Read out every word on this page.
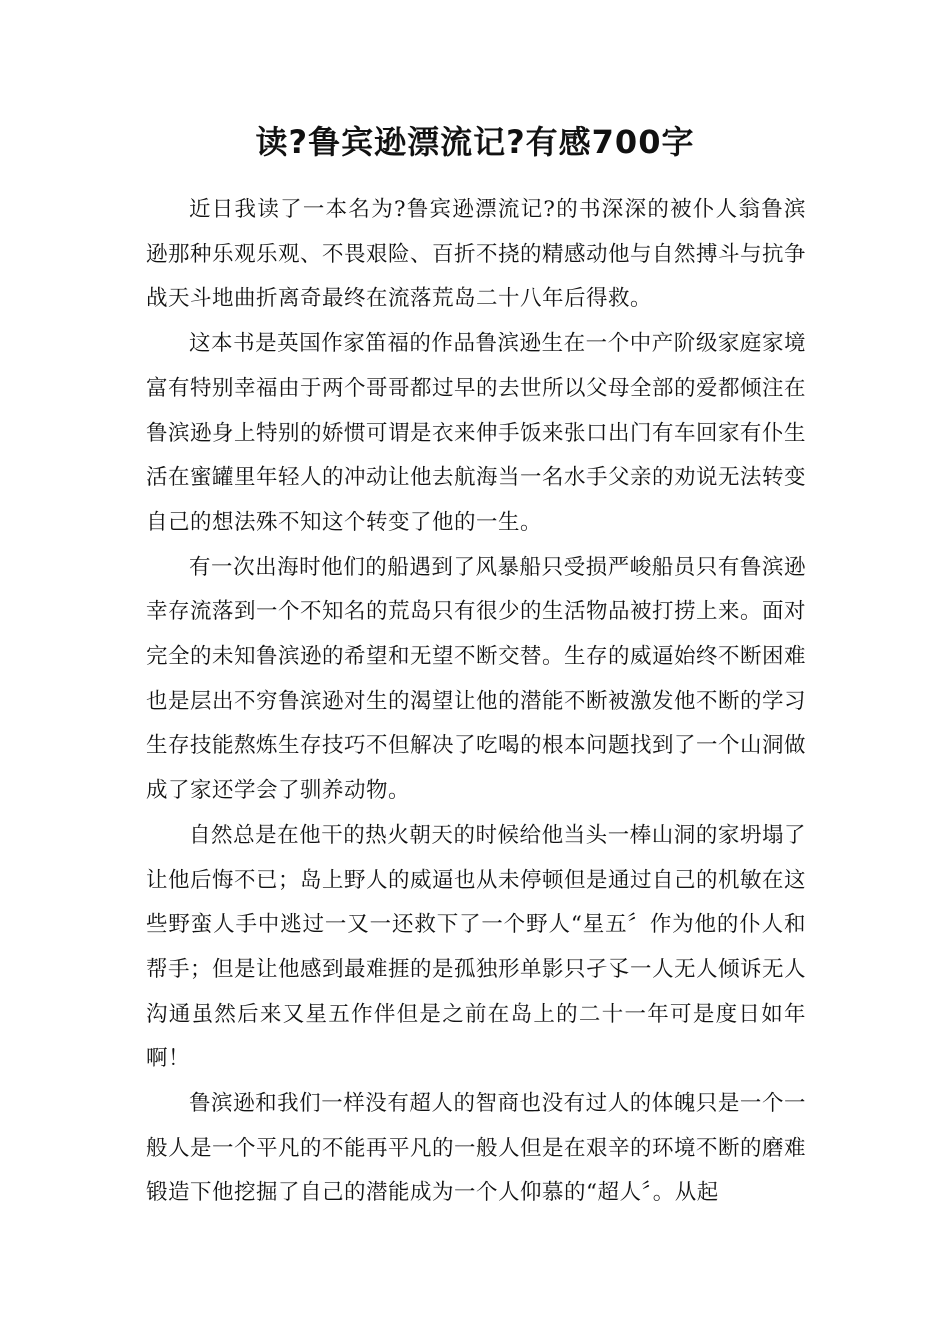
读?鲁宾逊漂流记?有感700字

近日我读了一本名为?鲁宾逊漂流记?的书深深的被仆人翁鲁滨逊那种乐观乐观、不畏艰险、百折不挠的精感动他与自然搏斗与抗争战天斗地曲折离奇最终在流落荒岛二十八年后得救。

这本书是英国作家笛福的作品鲁滨逊生在一个中产阶级家庭家境富有特别幸福由于两个哥哥都过早的去世所以父母全部的爱都倾注在鲁滨逊身上特别的娇惯可谓是衣来伸手饭来张口出门有车回家有仆生活在蜜罐里年轻人的冲动让他去航海当一名水手父亲的劝说无法转变自己的想法殊不知这个转变了他的一生。

有一次出海时他们的船遇到了风暴船只受损严峻船员只有鲁滨逊幸存流落到一个不知名的荒岛只有很少的生活物品被打捞上来。面对完全的未知鲁滨逊的希望和无望不断交替。生存的威逼始终不断困难也是层出不穷鲁滨逊对生的渴望让他的潜能不断被激发他不断的学习生存技能熬炼生存技巧不但解决了吃喝的根本问题找到了一个山洞做成了家还学会了驯养动物。

自然总是在他干的热火朝天的时候给他当头一棒山洞的家坍塌了让他后悔不已；岛上野人的威逼也从未停顿但是通过自己的机敏在这些野蛮人手中逃过一又一还救下了一个野人“星五〞作为他的仆人和帮手；但是让他感到最难捱的是孤独形单影只孑孓一人无人倾诉无人沟通虽然后来又星五作伴但是之前在岛上的二十一年可是度日如年啊！

鲁滨逊和我们一样没有超人的智商也没有过人的体魄只是一个一般人是一个平凡的不能再平凡的一般人但是在艰辛的环境不断的磨难锻造下他挖掘了自己的潜能成为一个人仰慕的“超人〞。从起
